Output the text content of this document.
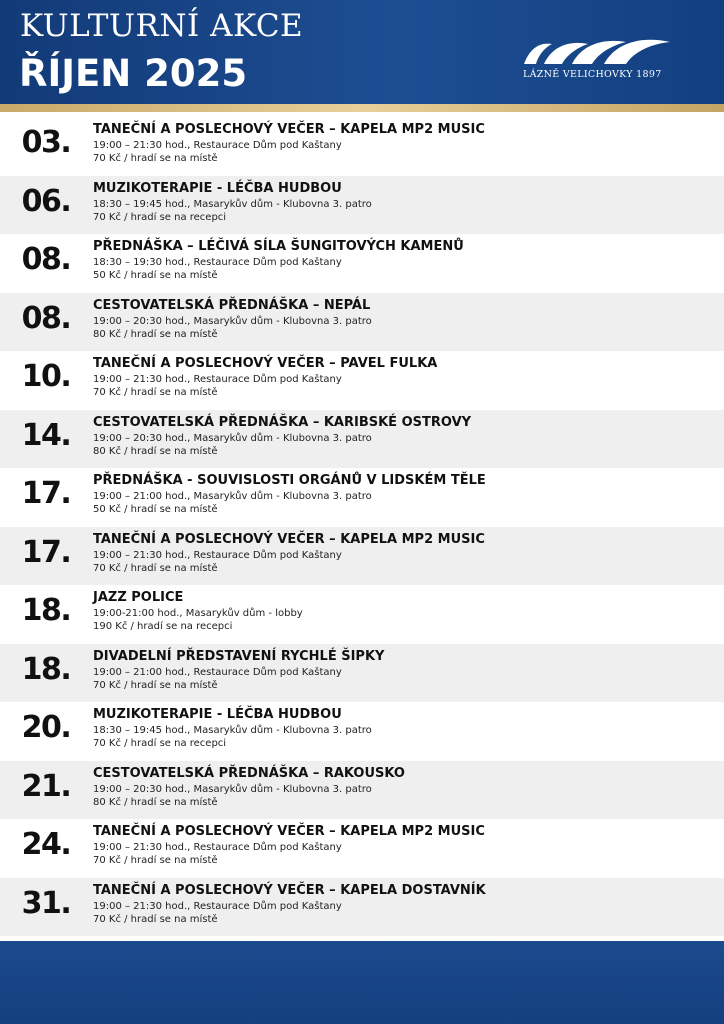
KULTURNÍ AKCE
ŘÍJEN 2025	LÁZNĚ VELICHOVKY 1897
03.	TANEČNÍ A POSLECHOVÝ VEČER – KAPELA MP2 MUSIC
19:00 – 21:30 hod., Restaurace Dům pod Kaštany
70 Kč / hradí se na místě
06.	MUZIKOTERAPIE - LÉČBA HUDBOU
18:30 – 19:45 hod., Masarykův dům - Klubovna 3. patro
70 Kč / hradí se na recepci
08.	PŘEDNÁŠKA – LÉČIVÁ SÍLA ŠUNGITOVÝCH KAMENŮ
18:30 – 19:30 hod., Restaurace Dům pod Kaštany
50 Kč / hradí se na místě
08.	CESTOVATELSKÁ PŘEDNÁŠKA – NEPÁL
19:00 – 20:30 hod., Masarykův dům - Klubovna 3. patro
80 Kč / hradí se na místě
10.	TANEČNÍ A POSLECHOVÝ VEČER – PAVEL FULKA
19:00 – 21:30 hod., Restaurace Dům pod Kaštany
70 Kč / hradí se na místě
14.	CESTOVATELSKÁ PŘEDNÁŠKA – KARIBSKÉ OSTROVY
19:00 – 20:30 hod., Masarykův dům - Klubovna 3. patro
80 Kč / hradí se na místě
17.	PŘEDNÁŠKA - SOUVISLOSTI ORGÁNŮ V LIDSKÉM TĚLE
19:00 – 21:00 hod., Masarykův dům - Klubovna 3. patro
50 Kč / hradí se na místě
17.	TANEČNÍ A POSLECHOVÝ VEČER – KAPELA MP2 MUSIC
19:00 – 21:30 hod., Restaurace Dům pod Kaštany
70 Kč / hradí se na místě
18.	JAZZ POLICE
19:00-21:00 hod., Masarykův dům - lobby
190 Kč / hradí se na recepci
18.	DIVADELNÍ PŘEDSTAVENÍ RYCHLÉ ŠIPKY
19:00 – 21:00 hod., Restaurace Dům pod Kaštany
70 Kč / hradí se na místě
20.	MUZIKOTERAPIE - LÉČBA HUDBOU
18:30 – 19:45 hod., Masarykův dům - Klubovna 3. patro
70 Kč / hradí se na recepci
21.	CESTOVATELSKÁ PŘEDNÁŠKA – RAKOUSKO
19:00 – 20:30 hod., Masarykův dům - Klubovna 3. patro
80 Kč / hradí se na místě
24.	TANEČNÍ A POSLECHOVÝ VEČER – KAPELA MP2 MUSIC
19:00 – 21:30 hod., Restaurace Dům pod Kaštany
70 Kč / hradí se na místě
31.	TANEČNÍ A POSLECHOVÝ VEČER – KAPELA DOSTAVNÍK
19:00 – 21:30 hod., Restaurace Dům pod Kaštany
70 Kč / hradí se na místě
